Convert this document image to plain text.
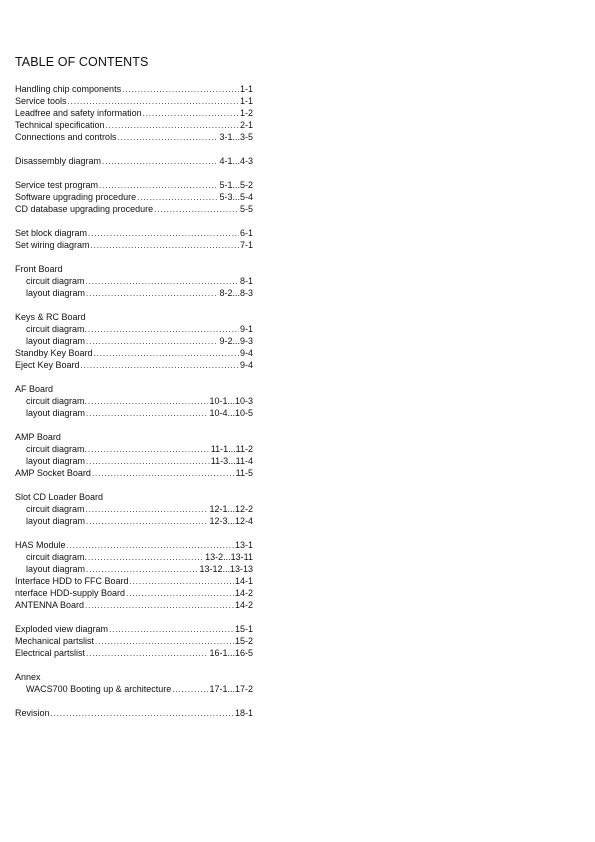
TABLE OF CONTENTS
Handling chip components .....	1-1
Service tools .....	1-1
Leadfree and safety information .....	1-2
Technical specification .....	2-1
Connections and controls .....	3-1...3-5
Disassembly diagram .....	4-1...4-3
Service test program .....	5-1...5-2
Software upgrading procedure .....	5-3...5-4
CD database upgrading procedure .....	5-5
Set block diagram .....	6-1
Set wiring diagram .....	7-1
Front Board
circuit diagram .....	8-1
layout diagram .....	8-2...8-3
Keys & RC Board
circuit diagram. .....	9-1
layout diagram .....	9-2...9-3
Standby Key Board .....	9-4
Eject Key Board .....	9-4
AF Board
circuit diagram. .....	10-1...10-3
layout diagram .....	10-4...10-5
AMP Board
circuit diagram. .....	11-1...11-2
layout diagram .....	11-3...11-4
AMP Socket Board .....	11-5
Slot CD Loader Board
circuit diagram .....	12-1...12-2
layout diagram .....	12-3...12-4
HAS Module .....	13-1
circuit diagram. .....	13-2...13-11
layout diagram .....	13-12...13-13
Interface HDD to FFC Board .....	14-1
nterface HDD-supply Board .....	14-2
ANTENNA Board .....	14-2
Exploded view diagram .....	15-1
Mechanical partslist .....	15-2
Electrical partslist .....	16-1...16-5
Annex
WACS700 Booting up & architecture .....	17-1...17-2
Revision .....	18-1
